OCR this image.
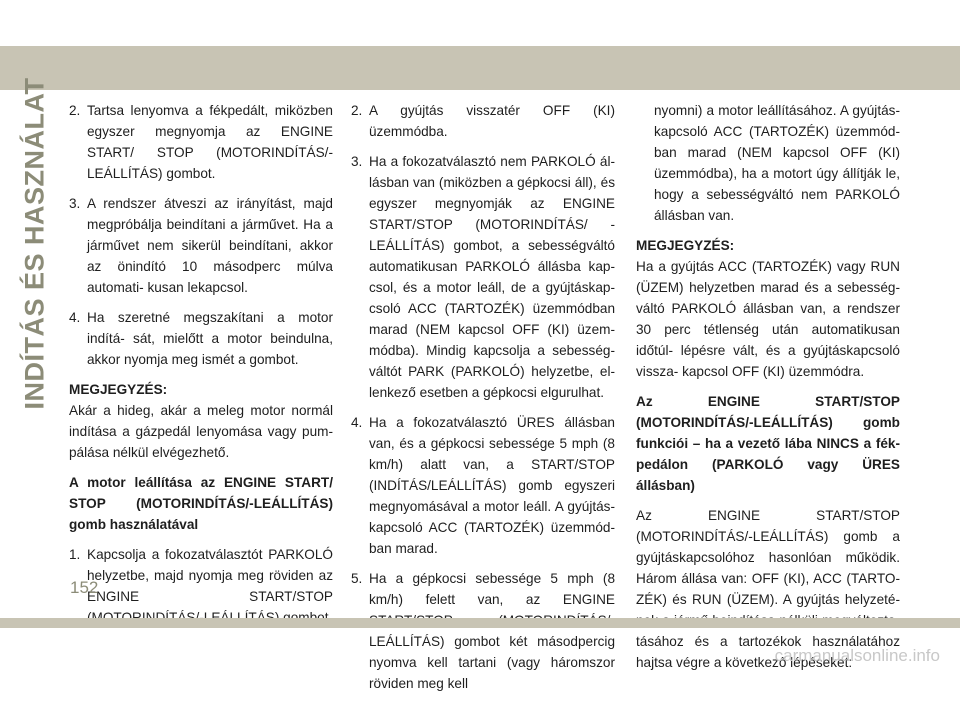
INDÍTÁS ÉS HASZNÁLAT 2. Tartsa lenyomva a fékpedált, miközben egyszer megnyomja az ENGINE START/ STOP (MOTORINDÍTÁS/-LEÁLLÍTÁS) gombot.
3. A rendszer átveszi az irányítást, majd megpróbálja beindítani a járművet. Ha a járművet nem sikerül beindítani, akkor az önindító 10 másodperc múlva automati- kusan lekapcsol.
4. Ha szeretné megszakítani a motor indítá- sát, mielőtt a motor beindulna, akkor nyomja meg ismét a gombot.
MEGJEGYZÉS:

Akár a hideg, akár a meleg motor normál indítása a gázpedál lenyomása vagy pum- pálása nélkül elvégezhető.

A motor leállítása az ENGINE START/ STOP (MOTORINDÍTÁS/-LEÁLLÍTÁS) gomb használatával

1. Kapcsolja a fokozatválasztót PARKOLÓ helyzetbe, majd nyomja meg röviden az ENGINE START/STOP
2. A gyújtás visszatér OFF (KI) üzemmódba.
3. Ha a fokozatválasztó nem PARKOLÓ ál- lásban van (miközben a gépkocsi áll), és egyszer megnyomják az ENGINE START/STOP (MOTORINDÍTÁS/ -LEÁLLÍTÁS) gombot, a sebességváltó automatikusan PARKOLÓ állásba kap- csol, és a motor leáll, de a gyújtáskap- csoló ACC (TARTOZÉK) üzemmódban marad (NEM kapcsol OFF (KI) üzem- módba). Mindig kapcsolja a sebesség- váltót PARK (PARKOLÓ) helyzetbe, el- lenkező esetben a gépkocsi elgurulhat.
4. Ha a fokozatválasztó ÜRES állásban van, és a gépkocsi sebessége 5 mph (8 km/h) alatt van, a START/STOP (INDÍTÁS/LEÁLLÍTÁS) gomb egyszeri megnyomásával a motor leáll. A gyújtás- kapcsoló ACC (TARTOZÉK) üzemmód- ban marad.
5. Ha a gépkocsi sebessége 5 mph (8 km/h) felett van, az ENGINE LEÁLLÍTÁS) gombot két másodpercig nyomva kell tartani (vagy háromszor röviden meg kell
nyomni) a motor leállításához. A gyújtás- kapcsoló ACC (TARTOZÉK) üzemmód- ban marad (NEM kapcsol OFF (KI) üzemmódba), ha a motort úgy állítják le, hogy a sebességváltó nem PARKOLÓ állásban van.
MEGJEGYZÉS:

Ha a gyújtás ACC (TARTOZÉK) vagy RUN (ÜZEM) helyzetben marad és a sebesség- váltó PARKOLÓ állásban van, a rendszer 30 perc tétlenség után automatikusan időtúl- lépésre vált, és a gyújtáskapcsoló vissza- kapcsol OFF (KI) üzemmódra.

Az ENGINE START/STOP (MOTORINDÍTÁS/-LEÁLLÍTÁS) gomb funkciói – ha a vezető lába NINCS a fék- pedálon (PARKOLÓ vagy ÜRES állásban)

Az ENGINE START/STOP (MOTORINDÍTÁS/-LEÁLLÍTÁS) gomb a gyújtáskapcsolóhoz hasonlóan működik. Három állása van: OFF (KI), ACC (TARTO- ZÉK) és RUN (ÜZEM). A gyújtás helyzeté- tásához és a tartozékok használatához hajtsa végre a következő lépéseket:

152
carmanualsonline.info
